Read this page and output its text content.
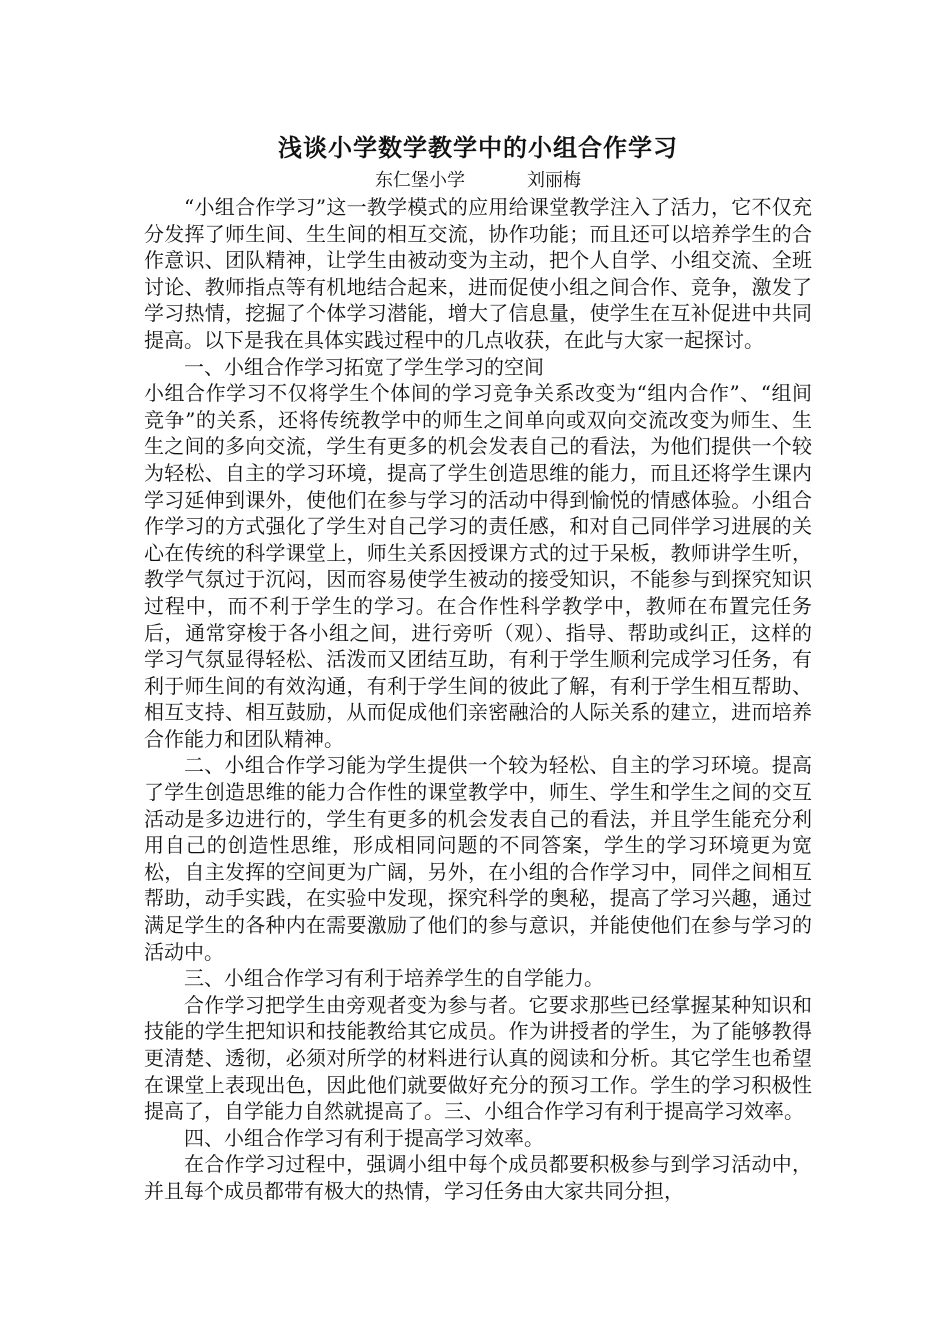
浅谈小学数学教学中的小组合作学习
东仁堡小学	刘丽梅

“小组合作学习”这一教学模式的应用给课堂教学注入了活力，它不仅充分发挥了师生间、生生间的相互交流，协作功能；而且还可以培养学生的合作意识、团队精神，让学生由被动变为主动，把个人自学、小组交流、全班讨论、教师指点等有机地结合起来，进而促使小组之间合作、竞争，激发了学习热情，挖掘了个体学习潜能，增大了信息量，使学生在互补促进中共同提高。以下是我在具体实践过程中的几点收获，在此与大家一起探讨。

一、小组合作学习拓宽了学生学习的空间

小组合作学习不仅将学生个体间的学习竞争关系改变为“组内合作”、“组间竞争”的关系，还将传统教学中的师生之间单向或双向交流改变为师生、生生之间的多向交流，学生有更多的机会发表自己的看法，为他们提供一个较为轻松、自主的学习环境，提高了学生创造思维的能力，而且还将学生课内学习延伸到课外，使他们在参与学习的活动中得到愉悦的情感体验。小组合作学习的方式强化了学生对自己学习的责任感，和对自己同伴学习进展的关心在传统的科学课堂上，师生关系因授课方式的过于呆板，教师讲学生听，教学气氛过于沉闷，因而容易使学生被动的接受知识，不能参与到探究知识过程中，而不利于学生的学习。在合作性科学教学中，教师在布置完任务后，通常穿梭于各小组之间，进行旁听（观）、指导、帮助或纠正，这样的学习气氛显得轻松、活泼而又团结互助，有利于学生顺利完成学习任务，有利于师生间的有效沟通，有利于学生间的彼此了解，有利于学生相互帮助、相互支持、相互鼓励，从而促成他们亲密融洽的人际关系的建立，进而培养合作能力和团队精神。

二、小组合作学习能为学生提供一个较为轻松、自主的学习环境。提高了学生创造思维的能力合作性的课堂教学中，师生、学生和学生之间的交互活动是多边进行的，学生有更多的机会发表自己的看法，并且学生能充分利用自己的创造性思维，形成相同问题的不同答案，学生的学习环境更为宽松，自主发挥的空间更为广阔，另外，在小组的合作学习中，同伴之间相互帮助，动手实践，在实验中发现，探究科学的奥秘，提高了学习兴趣，通过满足学生的各种内在需要激励了他们的参与意识，并能使他们在参与学习的活动中。

三、小组合作学习有利于培养学生的自学能力。

合作学习把学生由旁观者变为参与者。它要求那些已经掌握某种知识和技能的学生把知识和技能教给其它成员。作为讲授者的学生，为了能够教得更清楚、透彻，必须对所学的材料进行认真的阅读和分析。其它学生也希望在课堂上表现出色，因此他们就要做好充分的预习工作。学生的学习积极性提高了，自学能力自然就提高了。三、小组合作学习有利于提高学习效率。

四、小组合作学习有利于提高学习效率。

在合作学习过程中，强调小组中每个成员都要积极参与到学习活动中，并且每个成员都带有极大的热情，学习任务由大家共同分担，
